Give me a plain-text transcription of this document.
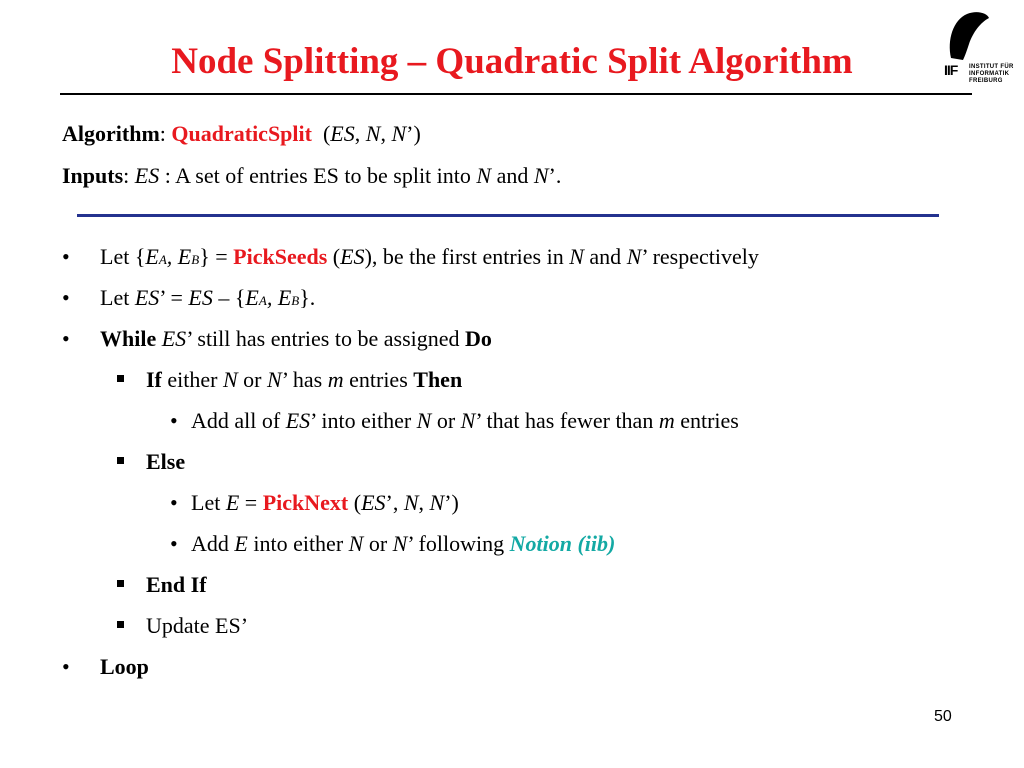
Node Splitting – Quadratic Split Algorithm	IIF INSTITUT FÜR
INFORMATIK
FREIBURG
Algorithm: QuadraticSplit (ES, N, N’)
Inputs: ES : A set of entries ES to be split into N and N’.
• Let {EA, EB} = PickSeeds (ES), be the first entries in N and N’ respectively
• Let ES’ = ES – {EA, EB}.
• While ES’ still has entries to be assigned Do
If either N or N’ has m entries Then
• Add all of ES’ into either N or N’ that has fewer than m entries
Else
• Let E = PickNext (ES’, N, N’)
• Add E into either N or N’ following Notion (iib)
End If
Update ES’
• Loop
50
